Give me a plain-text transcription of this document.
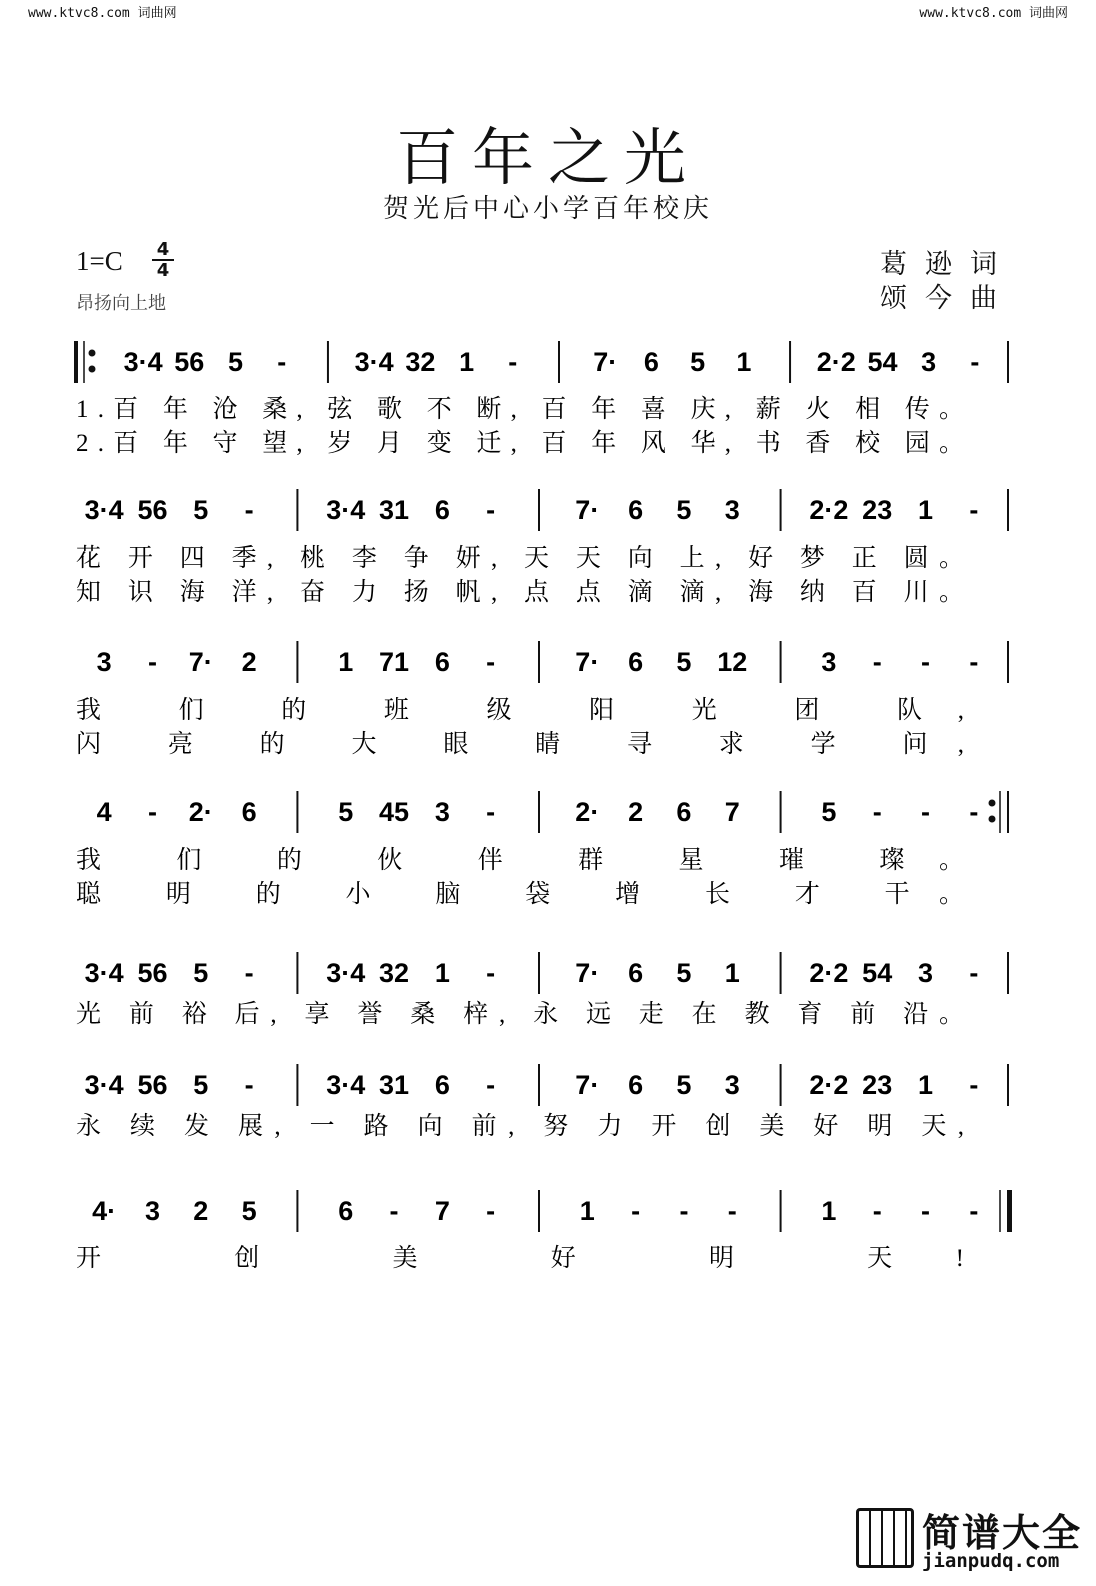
www.ktvc8.com 词曲网	www.ktvc8.com 词曲网
百年之光
贺光后中心小学百年校庆
1=C 4
4
昂扬向上地
葛逊词
颂今曲
3·4 56 5 -	3·4 32 1 -	7· 6 5 1 2·2 54 3 -
1.百 年 沧 桑, 弦 歌 不 断, 百 年 喜 庆, 薪 火 相 传。
2.百 年 守 望, 岁 月 变 迁, 百 年 风 华, 书 香 校 园。
3·4 56 5 -	3·4 31 6 -	7· 6 5 3	2·2 23 1 -
花 开 四 季, 桃 李 争 妍, 天 天 向 上, 好 梦 正 圆。
知 识 海 洋, 奋 力 扬 帆, 点 点 滴 滴, 海 纳 百 川。
3 - 7· 2	1 71 6 -	7· 6 5 12	3 - - -
我 们 的 班 级 阳 光 团 队,
闪 亮 的 大 眼 睛 寻 求 学 问,
4 - 2· 6	5 45 3 -	2· 2 6 7	5 - - -
我 们 的 伙 伴 群 星 璀 璨。
聪 明 的 小 脑 袋 增 长 才 干。
3·4 56 5 -	3·4 32 1 -	7· 6 5 1	2·2 54 3 -
光 前 裕 后, 享 誉 桑 梓, 永 远 走 在 教 育 前 沿。
3·4 56 5 -	3·4 31 6 -	7· 6 5 3	2·2 23 1 -
永 续 发 展, 一 路 向 前, 努 力 开 创 美 好 明 天,
4· 3 2 5	6 - 7 -	1 - - -	1 - - -
开 创 美 好 明 天!
简谱大全
jianpudq.com
